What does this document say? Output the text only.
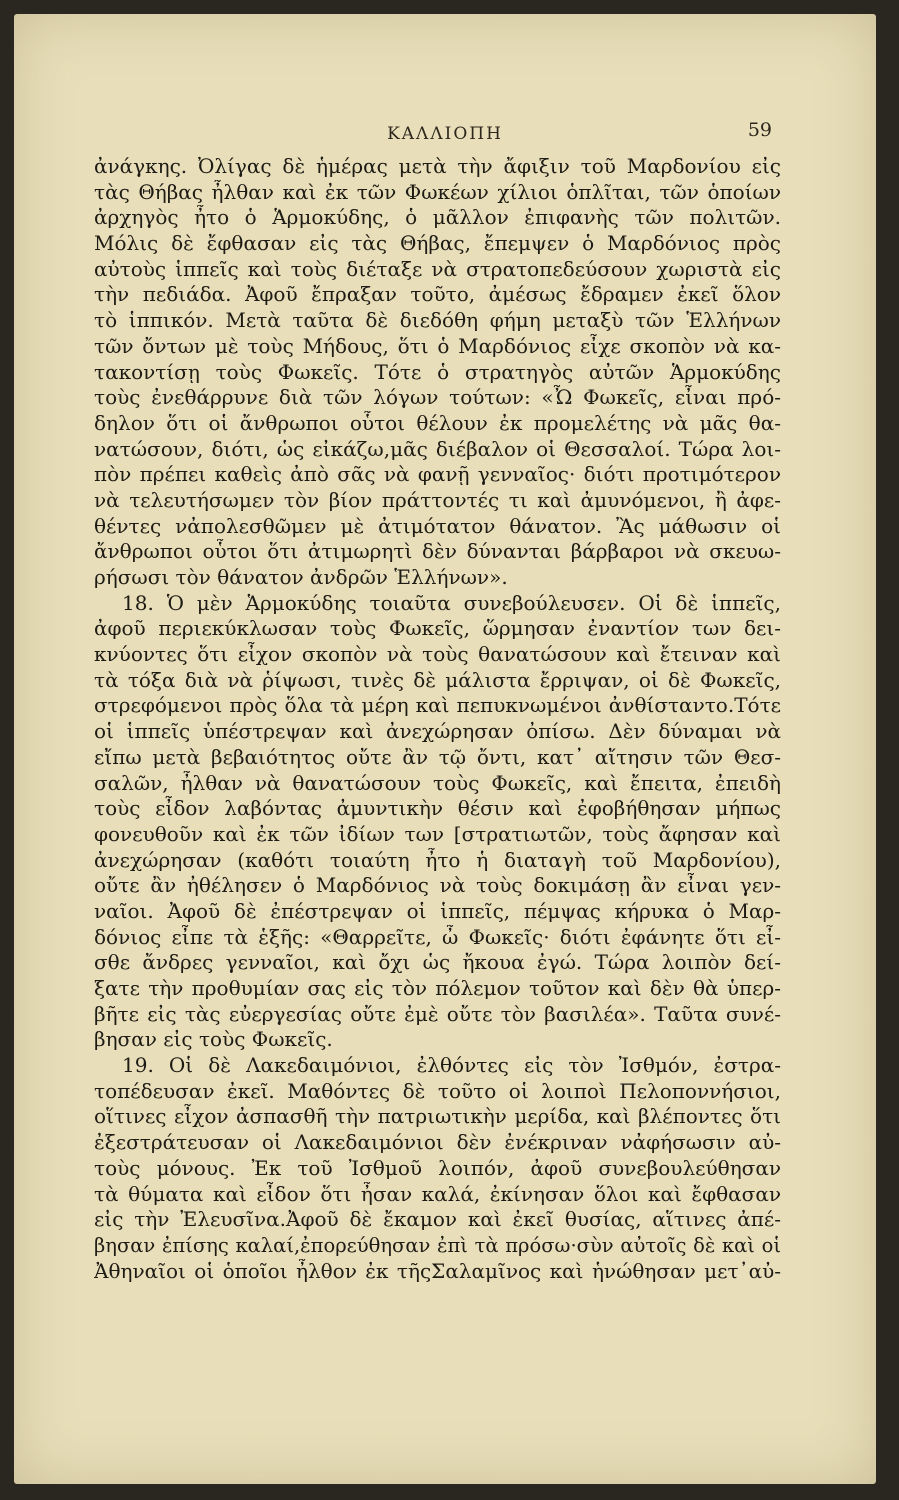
ΚΑΛΛΙΟΠΗ	59
ἀνάγκης. Ὀλίγας δὲ ἡμέρας μετὰ τὴν ἄφιξιν τοῦ Μαρδονίου εἰς
τὰς Θήβας ἦλθαν καὶ ἐκ τῶν Φωκέων χίλιοι ὁπλῖται, τῶν ὁποίων
ἀρχηγὸς ἦτο ὁ Ἁρμοκύδης, ὁ μᾶλλον ἐπιφανὴς τῶν πολιτῶν.
Μόλις δὲ ἔφθασαν εἰς τὰς Θήβας, ἔπεμψεν ὁ Μαρδόνιος πρὸς
αὐτοὺς ἱππεῖς καὶ τοὺς διέταξε νὰ στρατοπεδεύσουν χωριστὰ εἰς
τὴν πεδιάδα. Ἀφοῦ ἔπραξαν τοῦτο, ἀμέσως ἔδραμεν ἐκεῖ ὅλον
τὸ ἱππικόν. Μετὰ ταῦτα δὲ διεδόθη φήμη μεταξὺ τῶν Ἑλλήνων
τῶν ὄντων μὲ τοὺς Μήδους, ὅτι ὁ Μαρδόνιος εἶχε σκοπὸν νὰ κα-
τακοντίσῃ τοὺς Φωκεῖς. Τότε ὁ στρατηγὸς αὐτῶν Ἁρμοκύδης
τοὺς ἐνεθάρρυνε διὰ τῶν λόγων τούτων: «Ὦ Φωκεῖς, εἶναι πρό-
δηλον ὅτι οἱ ἄνθρωποι οὗτοι θέλουν ἐκ προμελέτης νὰ μᾶς θα-
νατώσουν, διότι, ὡς εἰκάζω,μᾶς διέβαλον οἱ Θεσσαλοί. Τώρα λοι-
πὸν πρέπει καθεὶς ἀπὸ σᾶς νὰ φανῇ γενναῖος· διότι προτιμότερον
νὰ τελευτήσωμεν τὸν βίον πράττοντές τι καὶ ἀμυνόμενοι, ἢ ἀφε-
θέντες νἀπολεσθῶμεν μὲ ἀτιμότατον θάνατον. Ἂς μάθωσιν οἱ
ἄνθρωποι οὗτοι ὅτι ἀτιμωρητὶ δὲν δύνανται βάρβαροι νὰ σκευω-
ρήσωσι τὸν θάνατον ἀνδρῶν Ἑλλήνων».
18. Ὁ μὲν Ἁρμοκύδης τοιαῦτα συνεβούλευσεν. Οἱ δὲ ἱππεῖς,
ἀφοῦ περιεκύκλωσαν τοὺς Φωκεῖς, ὥρμησαν ἐναντίον των δει-
κνύοντες ὅτι εἶχον σκοπὸν νὰ τοὺς θανατώσουν καὶ ἔτειναν καὶ
τὰ τόξα διὰ νὰ ῥίψωσι, τινὲς δὲ μάλιστα ἔρριψαν, οἱ δὲ Φωκεῖς,
στρεφόμενοι πρὸς ὅλα τὰ μέρη καὶ πεπυκνωμένοι ἀνθίσταντο.Τότε
οἱ ἱππεῖς ὑπέστρεψαν καὶ ἀνεχώρησαν ὀπίσω. Δὲν δύναμαι νὰ
εἴπω μετὰ βεβαιότητος οὔτε ἂν τῷ ὄντι, κατ᾿ αἴτησιν τῶν Θεσ-
σαλῶν, ἦλθαν νὰ θανατώσουν τοὺς Φωκεῖς, καὶ ἔπειτα, ἐπειδὴ
τοὺς εἶδον λαβόντας ἀμυντικὴν θέσιν καὶ ἐφοβήθησαν μήπως
φονευθοῦν καὶ ἐκ τῶν ἰδίων των [στρατιωτῶν, τοὺς ἄφησαν καὶ
ἀνεχώρησαν (καθότι τοιαύτη ἦτο ἡ διαταγὴ τοῦ Μαρδονίου),
οὔτε ἂν ἠθέλησεν ὁ Μαρδόνιος νὰ τοὺς δοκιμάσῃ ἂν εἶναι γεν-
ναῖοι. Ἀφοῦ δὲ ἐπέστρεψαν οἱ ἱππεῖς, πέμψας κήρυκα ὁ Μαρ-
δόνιος εἶπε τὰ ἑξῆς: «Θαρρεῖτε, ὦ Φωκεῖς· διότι ἐφάνητε ὅτι εἶ-
σθε ἄνδρες γενναῖοι, καὶ ὄχι ὡς ἤκουα ἐγώ. Τώρα λοιπὸν δεί-
ξατε τὴν προθυμίαν σας εἰς τὸν πόλεμον τοῦτον καὶ δὲν θὰ ὑπερ-
βῆτε εἰς τὰς εὐεργεσίας οὔτε ἐμὲ οὔτε τὸν βασιλέα». Ταῦτα συνέ-
βησαν εἰς τοὺς Φωκεῖς.
19. Οἱ δὲ Λακεδαιμόνιοι, ἐλθόντες εἰς τὸν Ἰσθμόν, ἐστρα-
τοπέδευσαν ἐκεῖ. Μαθόντες δὲ τοῦτο οἱ λοιποὶ Πελοποννήσιοι,
οἵτινες εἶχον ἀσπασθῆ τὴν πατριωτικὴν μερίδα, καὶ βλέποντες ὅτι
ἐξεστράτευσαν οἱ Λακεδαιμόνιοι δὲν ἐνέκριναν νἀφήσωσιν αὐ-
τοὺς μόνους. Ἐκ τοῦ Ἰσθμοῦ λοιπόν, ἀφοῦ συνεβουλεύθησαν
τὰ θύματα καὶ εἶδον ὅτι ἦσαν καλά, ἐκίνησαν ὅλοι καὶ ἔφθασαν
εἰς τὴν Ἐλευσῖνα.Ἀφοῦ δὲ ἔκαμον καὶ ἐκεῖ θυσίας, αἵτινες ἀπέ-
βησαν ἐπίσης καλαί,ἐπορεύθησαν ἐπὶ τὰ πρόσω·σὺν αὐτοῖς δὲ καὶ οἱ
Ἀθηναῖοι οἱ ὁποῖοι ἦλθον ἐκ τῆςΣαλαμῖνος καὶ ἡνώθησαν μετ᾿αὐ-
